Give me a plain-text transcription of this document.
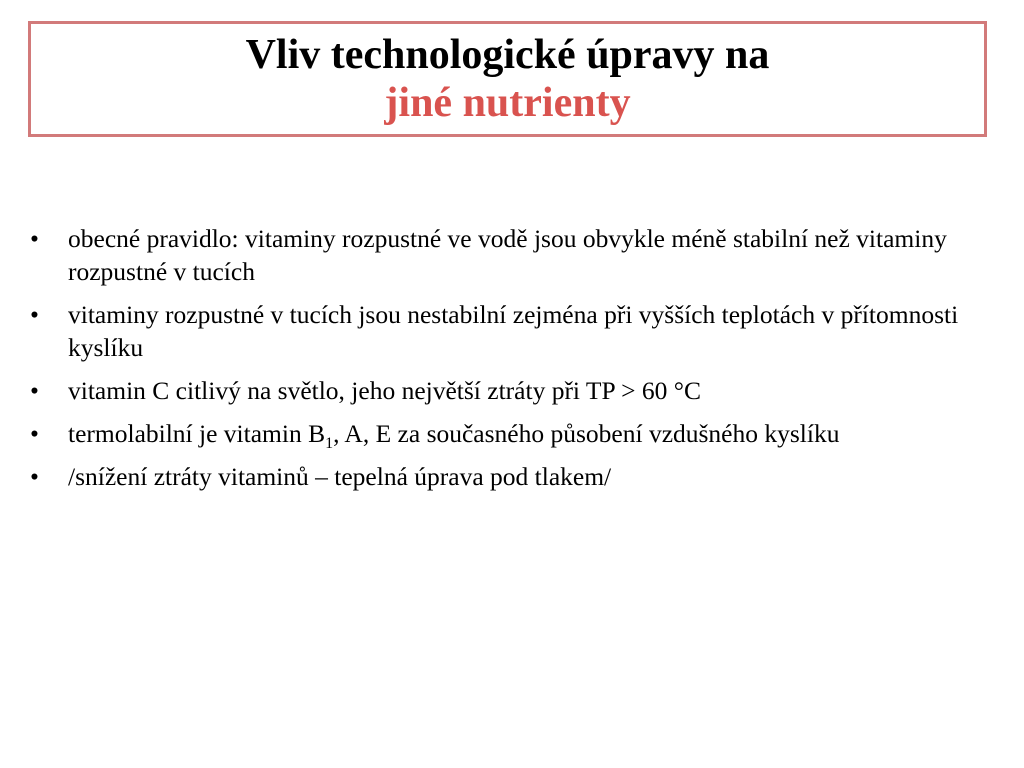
Vliv technologické úpravy na
jiné nutrienty
•	obecné pravidlo: vitaminy rozpustné ve vodě jsou obvykle méně stabilní než vitaminy rozpustné v tucích
•	vitaminy rozpustné v tucích jsou nestabilní zejména při vyšších teplotách v přítomnosti kyslíku
•	vitamin C citlivý na světlo, jeho největší ztráty při TP > 60 °C
•	termolabilní je vitamin $B_1$, A, E za současného působení vzdušného kyslíku
•	/snížení ztráty vitaminů – tepelná úprava pod tlakem/
